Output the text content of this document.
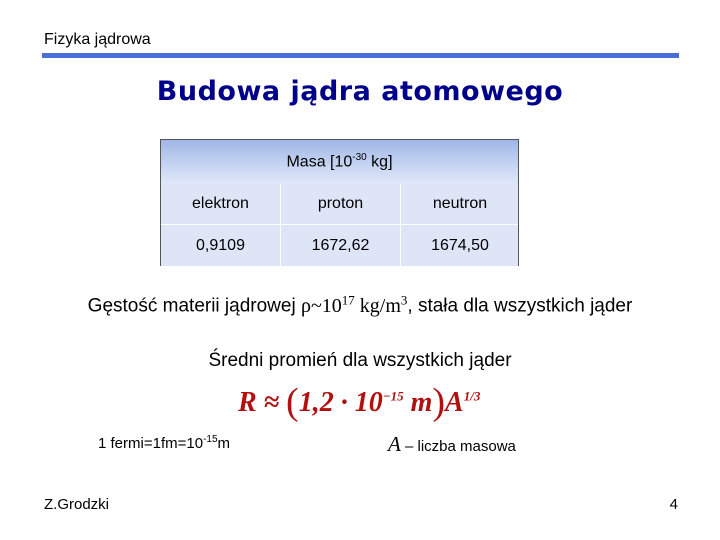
Fizyka jądrowa
Budowa jądra atomowego
Masa [$10^{-30}$ kg]
elektron	proton	neutron
0,9109	1672,62	1674,50
Gęstość materii jądrowej $\rho\sim 10^{17}$ $kg/m^3$, stała dla wszystkich jąder
Średni promień dla wszystkich jąder
$R \approx (1,2 \cdot 10^{-15}$ $m)A^{1/3}$
1 $fermi=1fm=10^{-15}m$	A – liczba masowa
Z.Grodzki	4
